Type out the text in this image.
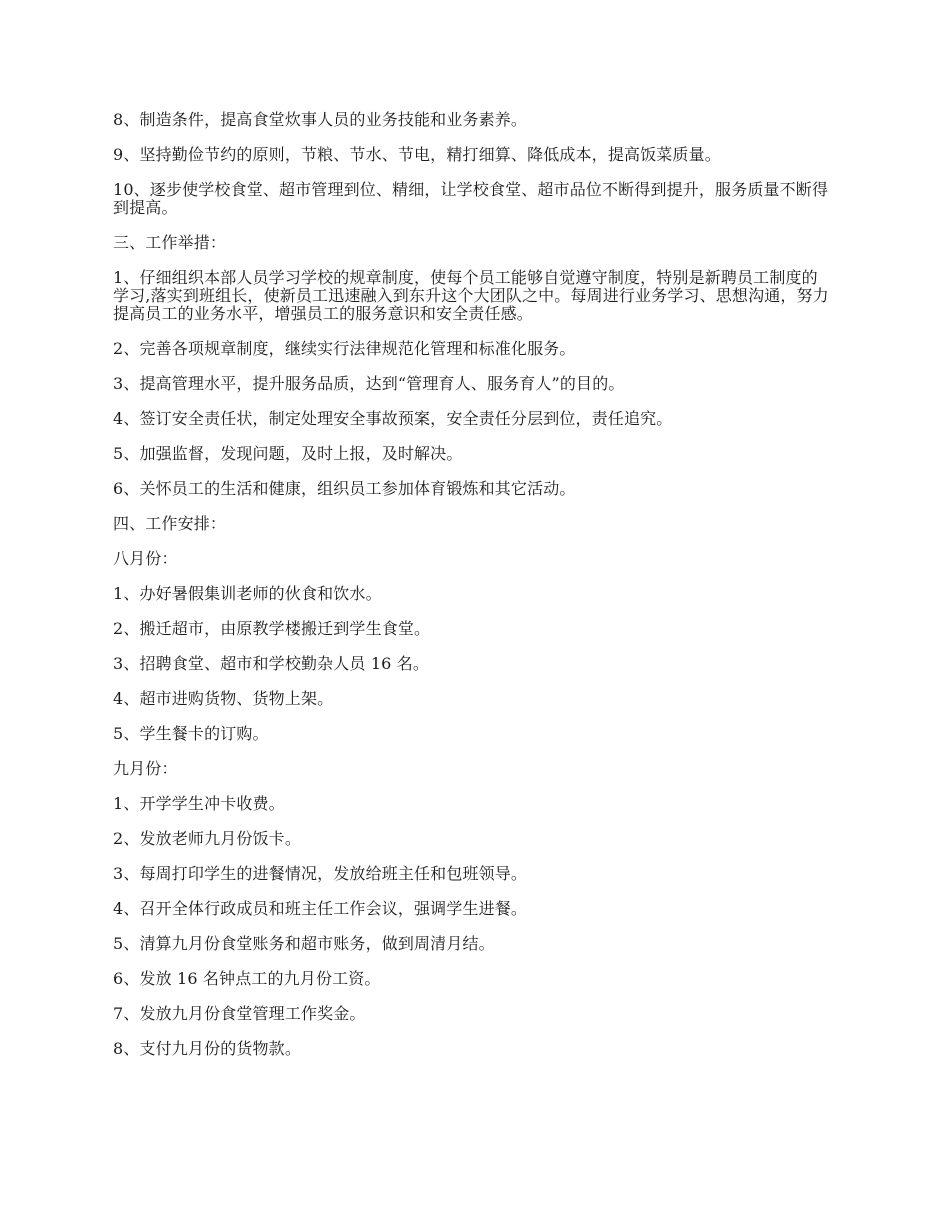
8、制造条件，提高食堂炊事人员的业务技能和业务素养。

9、坚持勤俭节约的原则，节粮、节水、节电，精打细算、降低成本，提高饭菜质量。

10、逐步使学校食堂、超市管理到位、精细，让学校食堂、超市品位不断得到提升，服务质量不断得到提高。

三、工作举措：

1、仔细组织本部人员学习学校的规章制度，使每个员工能够自觉遵守制度，特别是新聘员工制度的学习,落实到班组长，使新员工迅速融入到东升这个大团队之中。每周进行业务学习、思想沟通，努力提高员工的业务水平，增强员工的服务意识和安全责任感。

2、完善各项规章制度，继续实行法律规范化管理和标准化服务。

3、提高管理水平，提升服务品质，达到“管理育人、服务育人”的目的。

4、签订安全责任状，制定处理安全事故预案，安全责任分层到位，责任追究。

5、加强监督，发现问题，及时上报，及时解决。

6、关怀员工的生活和健康，组织员工参加体育锻炼和其它活动。

四、工作安排：

八月份：

1、办好暑假集训老师的伙食和饮水。

2、搬迁超市，由原教学楼搬迁到学生食堂。

3、招聘食堂、超市和学校勤杂人员 16 名。

4、超市进购货物、货物上架。

5、学生餐卡的订购。

九月份：

1、开学学生冲卡收费。

2、发放老师九月份饭卡。

3、每周打印学生的进餐情况，发放给班主任和包班领导。

4、召开全体行政成员和班主任工作会议，强调学生进餐。

5、清算九月份食堂账务和超市账务，做到周清月结。

6、发放 16 名钟点工的九月份工资。

7、发放九月份食堂管理工作奖金。

8、支付九月份的货物款。
